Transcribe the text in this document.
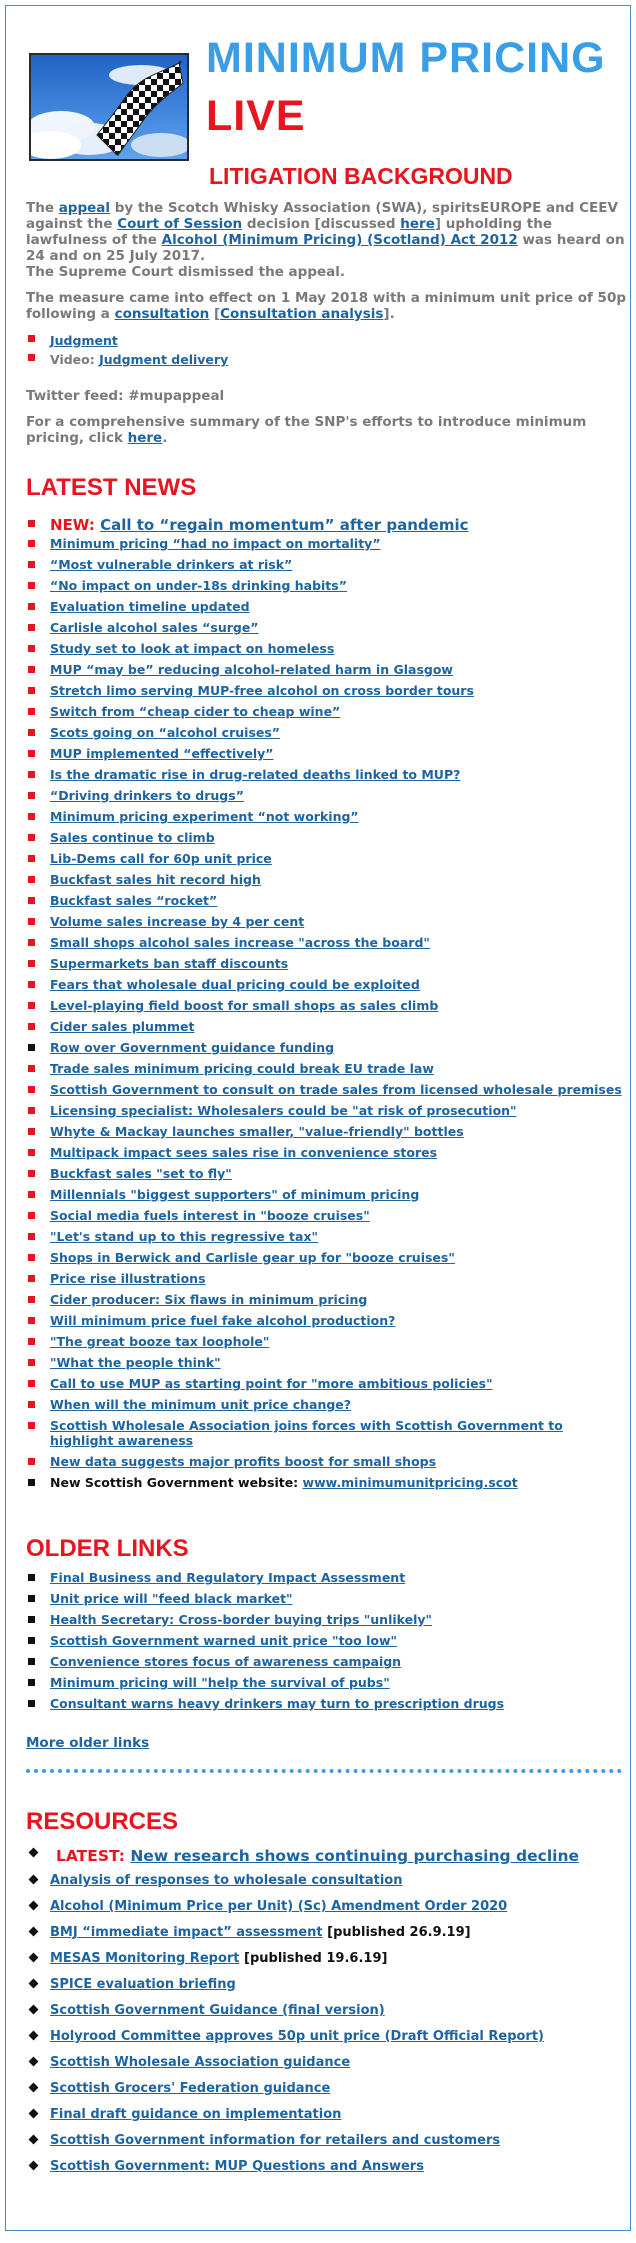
MINIMUM PRICING
LIVE
LITIGATION BACKGROUND

The appeal by the Scotch Whisky Association (SWA), spiritsEUROPE and CEEV against the Court of Session decision [discussed here] upholding the lawfulness of the Alcohol (Minimum Pricing) (Scotland) Act 2012 was heard on 24 and on 25 July 2017.

The Supreme Court dismissed the appeal.

The measure came into effect on 1 May 2018 with a minimum unit price of 50p following a consultation [Consultation analysis].

Judgment
Video: Judgment delivery

Twitter feed: #mupappeal

For a comprehensive summary of the SNP's efforts to introduce minimum pricing, click here.

LATEST NEWS
NEW: Call to “regain momentum” after pandemic
Minimum pricing “had no impact on mortality”
“Most vulnerable drinkers at risk”
“No impact on under-18s drinking habits”
Evaluation timeline updated
Carlisle alcohol sales “surge”
Study set to look at impact on homeless
MUP “may be” reducing alcohol-related harm in Glasgow
Stretch limo serving MUP-free alcohol on cross border tours
Switch from “cheap cider to cheap wine”
Scots going on “alcohol cruises”
MUP implemented “effectively”
Is the dramatic rise in drug-related deaths linked to MUP?
“Driving drinkers to drugs”
Minimum pricing experiment “not working”
Sales continue to climb
Lib-Dems call for 60p unit price
Buckfast sales hit record high
Buckfast sales “rocket”
Volume sales increase by 4 per cent
Small shops alcohol sales increase "across the board"
Supermarkets ban staff discounts
Fears that wholesale dual pricing could be exploited
Level-playing field boost for small shops as sales climb
Cider sales plummet
Row over Government guidance funding
Trade sales minimum pricing could break EU trade law
Scottish Government to consult on trade sales from licensed wholesale premises
Licensing specialist: Wholesalers could be "at risk of prosecution"
Whyte & Mackay launches smaller, "value-friendly" bottles
Multipack impact sees sales rise in convenience stores
Buckfast sales "set to fly"
Millennials "biggest supporters" of minimum pricing
Social media fuels interest in "booze cruises"
"Let's stand up to this regressive tax"
Shops in Berwick and Carlisle gear up for "booze cruises"
Price rise illustrations
Cider producer: Six flaws in minimum pricing
Will minimum price fuel fake alcohol production?
"The great booze tax loophole"
"What the people think"
Call to use MUP as starting point for "more ambitious policies"
When will the minimum unit price change?
Scottish Wholesale Association joins forces with Scottish Government to highlight awareness
New data suggests major profits boost for small shops
New Scottish Government website: www.minimumunitpricing.scot
OLDER LINKS
Final Business and Regulatory Impact Assessment
Unit price will "feed black market"
Health Secretary: Cross-border buying trips "unlikely"
Scottish Government warned unit price "too low"
Convenience stores focus of awareness campaign
Minimum pricing will "help the survival of pubs"
Consultant warns heavy drinkers may turn to prescription drugs
More older links
RESOURCES
LATEST: New research shows continuing purchasing decline
Analysis of responses to wholesale consultation
Alcohol (Minimum Price per Unit) (Sc) Amendment Order 2020
BMJ “immediate impact” assessment [published 26.9.19]
MESAS Monitoring Report [published 19.6.19]
SPICE evaluation briefing
Scottish Government Guidance (final version)
Holyrood Committee approves 50p unit price (Draft Official Report)
Scottish Wholesale Association guidance
Scottish Grocers' Federation guidance
Final draft guidance on implementation
Scottish Government information for retailers and customers
Scottish Government: MUP Questions and Answers
